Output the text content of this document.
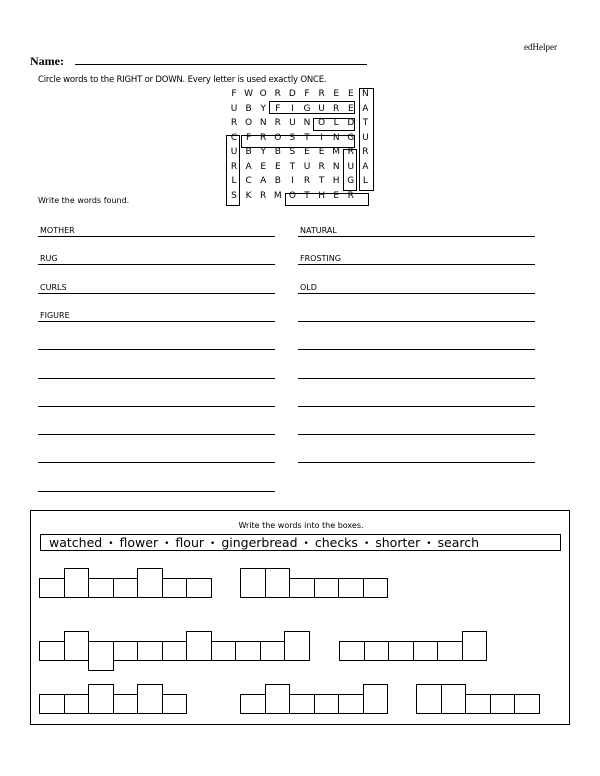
edHelper
Name:
Circle words to the RIGHT or DOWN. Every letter is used exactly ONCE.
F W O R D F R E E N
U B Y	F	I	G U R E A
R O N R U N O L D T
C F R O S	T	I	N G U
U B Y B S E E M R R
R A E E	T U R N U A
L C A B	I	R T H G L
S K R M O T H E R
Write the words found.
MOTHER
RUG
CURLS
FIGURE
NATURAL
FROSTING
OLD
Write the words into the boxes.
watched • flower • flour • gingerbread • checks • shorter • search
